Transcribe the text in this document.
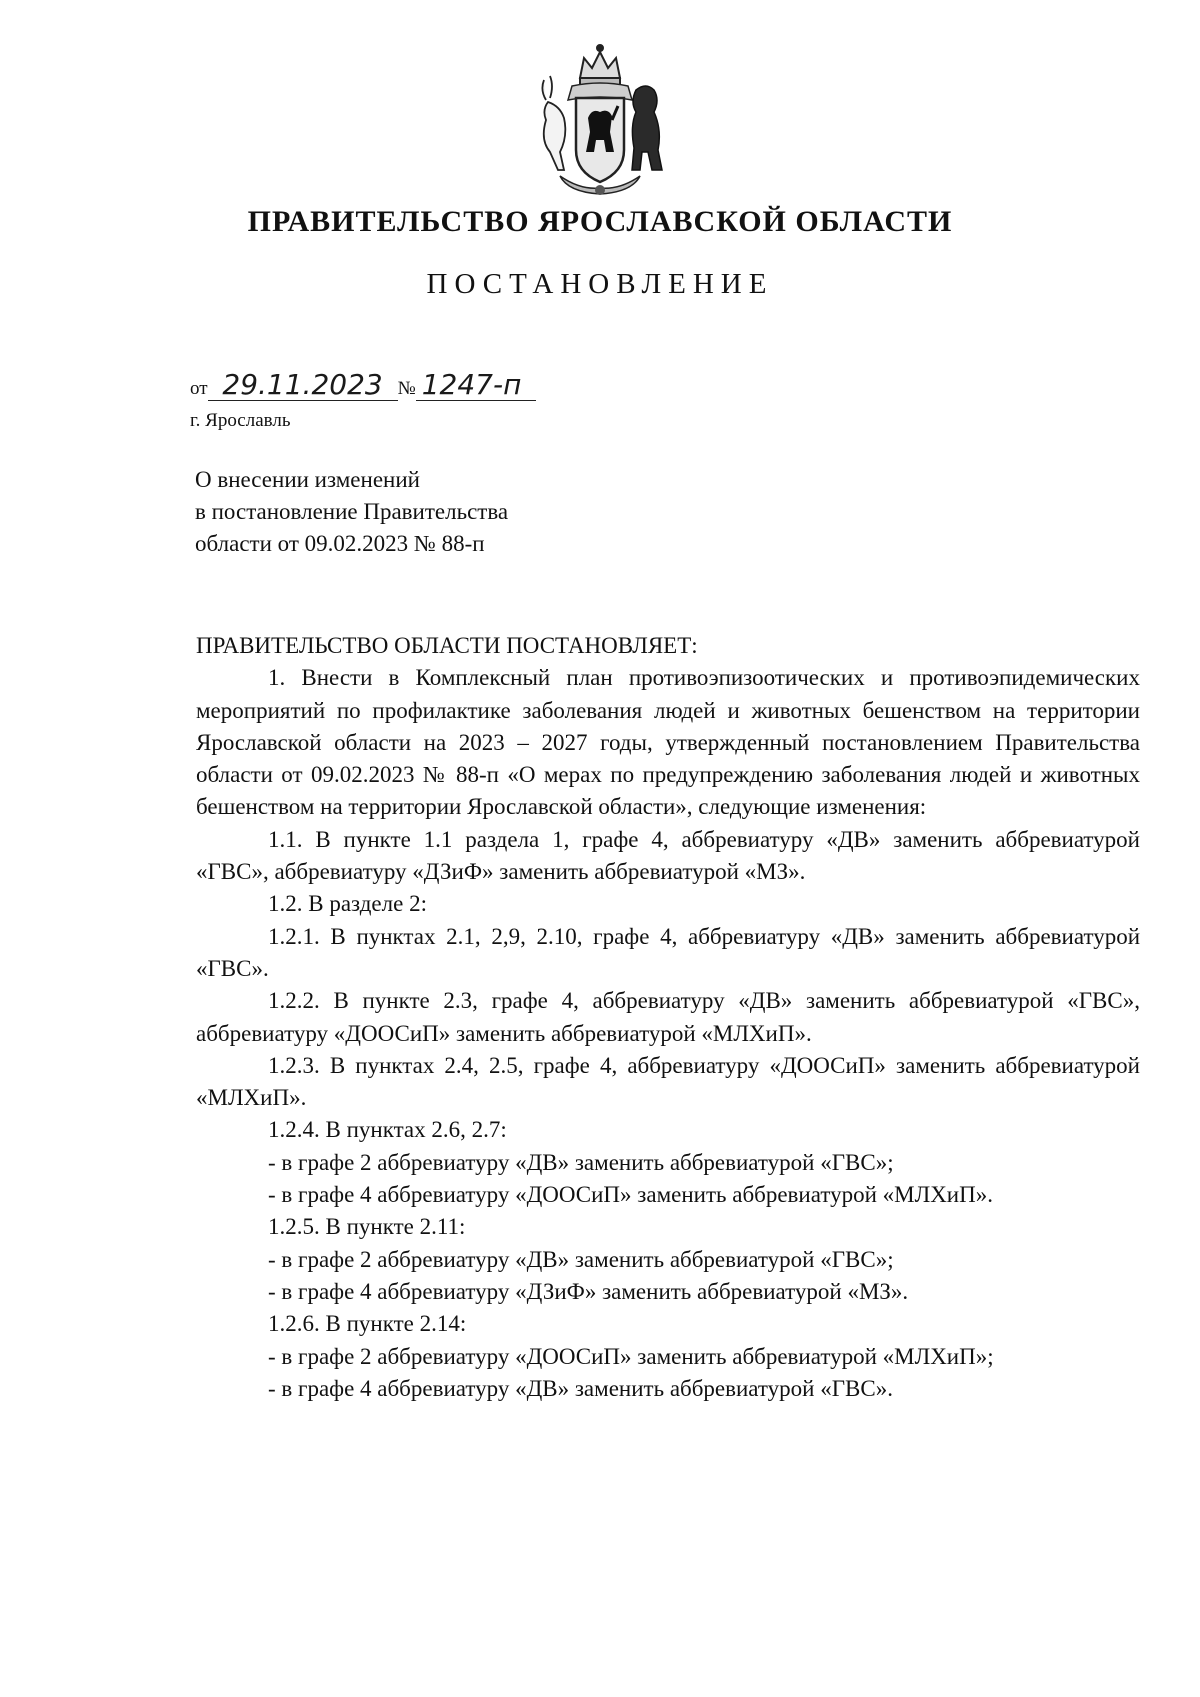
ПРАВИТЕЛЬСТВО ЯРОСЛАВСКОЙ ОБЛАСТИ
ПОСТАНОВЛЕНИЕ
от 29.11.2023 № 1247-п
г. Ярославль
О внесении изменений
в постановление Правительства
области от 09.02.2023 № 88-п

ПРАВИТЕЛЬСТВО ОБЛАСТИ ПОСТАНОВЛЯЕТ:

1. Внести в Комплексный план противоэпизоотических и противоэпидемических мероприятий по профилактике заболевания людей и животных бешенством на территории Ярославской области на 2023 – 2027 годы, утвержденный постановлением Правительства области от 09.02.2023 № 88-п «О мерах по предупреждению заболевания людей и животных бешенством на территории Ярославской области», следующие изменения:

1.1. В пункте 1.1 раздела 1, графе 4, аббревиатуру «ДВ» заменить аббревиатурой «ГВС», аббревиатуру «ДЗиФ» заменить аббревиатурой «МЗ».

1.2. В разделе 2:

1.2.1. В пунктах 2.1, 2,9, 2.10, графе 4, аббревиатуру «ДВ» заменить аббревиатурой «ГВС».

1.2.2. В пункте 2.3, графе 4, аббревиатуру «ДВ» заменить аббревиатурой «ГВС», аббревиатуру «ДООСиП» заменить аббревиатурой «МЛХиП».

1.2.3. В пунктах 2.4, 2.5, графе 4, аббревиатуру «ДООСиП» заменить аббревиатурой «МЛХиП».

1.2.4. В пунктах 2.6, 2.7:

- в графе 2 аббревиатуру «ДВ» заменить аббревиатурой «ГВС»;

- в графе 4 аббревиатуру «ДООСиП» заменить аббревиатурой «МЛХиП».

1.2.5. В пункте 2.11:

- в графе 2 аббревиатуру «ДВ» заменить аббревиатурой «ГВС»;

- в графе 4 аббревиатуру «ДЗиФ» заменить аббревиатурой «МЗ».

1.2.6. В пункте 2.14:

- в графе 2 аббревиатуру «ДООСиП» заменить аббревиатурой «МЛХиП»;

- в графе 4 аббревиатуру «ДВ» заменить аббревиатурой «ГВС».
